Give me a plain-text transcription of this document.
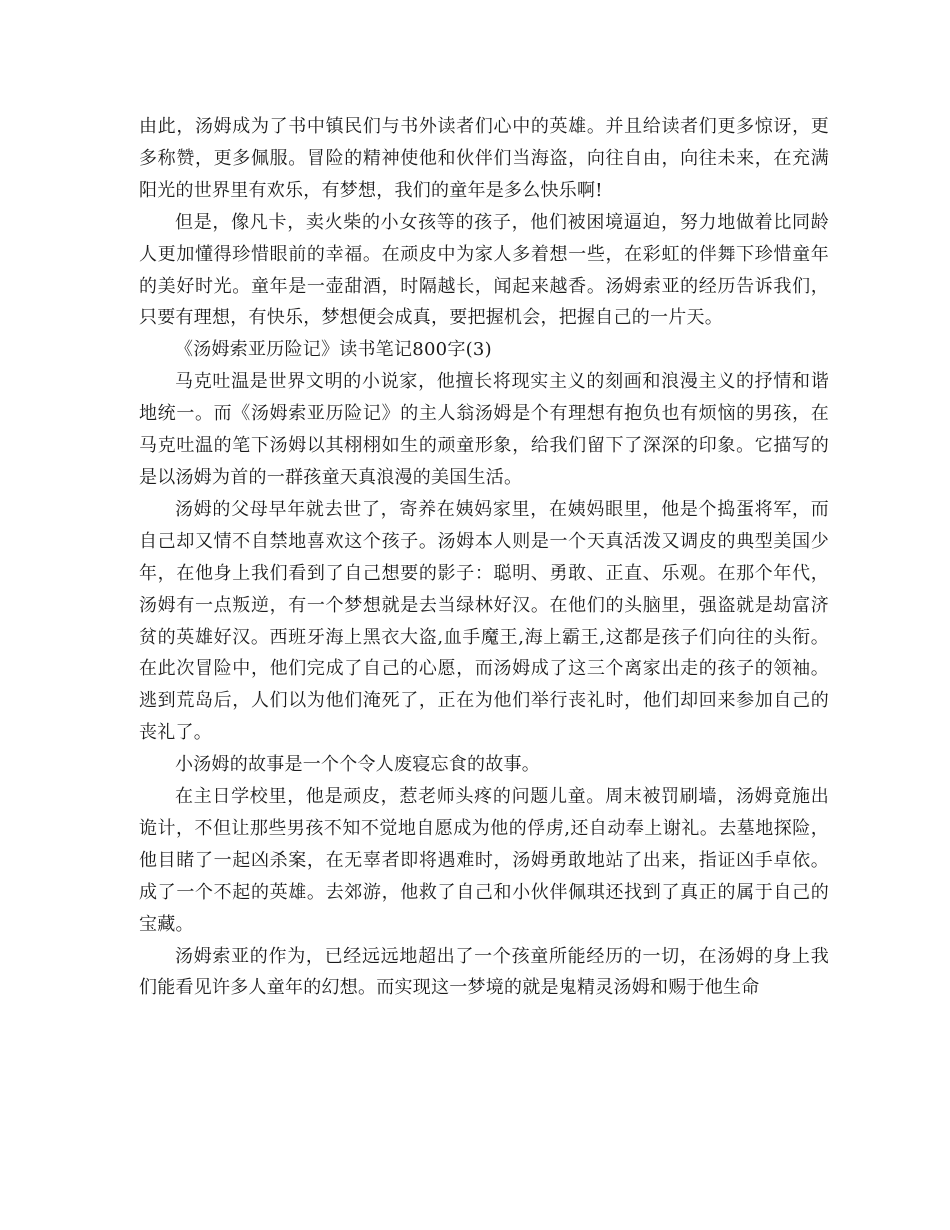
由此，汤姆成为了书中镇民们与书外读者们心中的英雄。并且给读者们更多惊讶，更多称赞，更多佩服。冒险的精神使他和伙伴们当海盗，向往自由，向往未来，在充满阳光的世界里有欢乐，有梦想，我们的童年是多么快乐啊!

但是，像凡卡，卖火柴的小女孩等的孩子，他们被困境逼迫，努力地做着比同龄人更加懂得珍惜眼前的幸福。在顽皮中为家人多着想一些，在彩虹的伴舞下珍惜童年的美好时光。童年是一壶甜酒，时隔越长，闻起来越香。汤姆索亚的经历告诉我们，只要有理想，有快乐，梦想便会成真，要把握机会，把握自己的一片天。

《汤姆索亚历险记》读书笔记800字(3)

马克吐温是世界文明的小说家，他擅长将现实主义的刻画和浪漫主义的抒情和谐地统一。而《汤姆索亚历险记》的主人翁汤姆是个有理想有抱负也有烦恼的男孩，在马克吐温的笔下汤姆以其栩栩如生的顽童形象，给我们留下了深深的印象。它描写的是以汤姆为首的一群孩童天真浪漫的美国生活。

汤姆的父母早年就去世了，寄养在姨妈家里，在姨妈眼里，他是个捣蛋将军，而自己却又情不自禁地喜欢这个孩子。汤姆本人则是一个天真活泼又调皮的典型美国少年，在他身上我们看到了自己想要的影子：聪明、勇敢、正直、乐观。在那个年代，汤姆有一点叛逆，有一个梦想就是去当绿林好汉。在他们的头脑里，强盗就是劫富济贫的英雄好汉。西班牙海上黑衣大盗,血手魔王,海上霸王,这都是孩子们向往的头衔。在此次冒险中，他们完成了自己的心愿，而汤姆成了这三个离家出走的孩子的领袖。逃到荒岛后，人们以为他们淹死了，正在为他们举行丧礼时，他们却回来参加自己的丧礼了。

小汤姆的故事是一个个令人废寝忘食的故事。

在主日学校里，他是顽皮，惹老师头疼的问题儿童。周末被罚刷墙，汤姆竟施出诡计，不但让那些男孩不知不觉地自愿成为他的俘虏,还自动奉上谢礼。去墓地探险，他目睹了一起凶杀案，在无辜者即将遇难时，汤姆勇敢地站了出来，指证凶手卓依。成了一个不起的英雄。去郊游，他救了自己和小伙伴佩琪还找到了真正的属于自己的宝藏。

汤姆索亚的作为，已经远远地超出了一个孩童所能经历的一切，在汤姆的身上我们能看见许多人童年的幻想。而实现这一梦境的就是鬼精灵汤姆和赐于他生命
